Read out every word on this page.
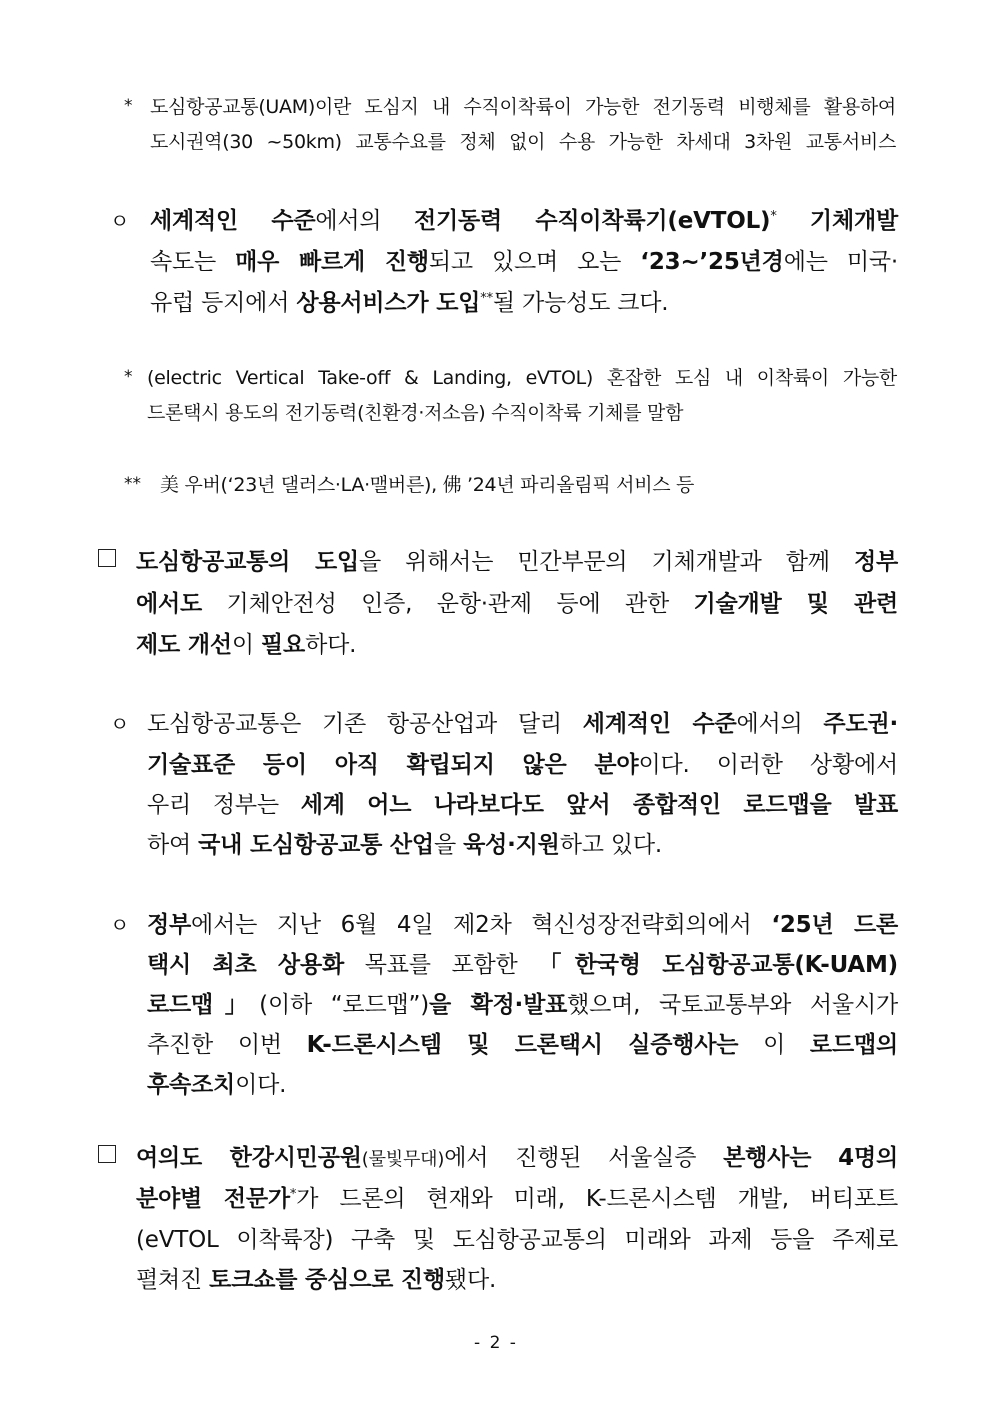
* 도심항공교통(UAM)이란 도심지 내 수직이착륙이 가능한 전기동력 비행체를 활용하여
도시권역(30 ~50km) 교통수요를 정체 없이 수용 가능한 차세대 3차원 교통서비스
ㅇ 세계적인 수준에서의 전기동력 수직이착륙기(eVTOL)* 기체개발
속도는 매우 빠르게 진행되고 있으며 오는 ‘23~’25년경에는 미국·
유럽 등지에서 상용서비스가 도입**될 가능성도 크다.
* (electric Vertical Take-off & Landing, eVTOL) 혼잡한 도심 내 이착륙이 가능한
드론택시 용도의 전기동력(친환경·저소음) 수직이착륙 기체를 말함
** 美 우버(‘23년 댈러스·LA·맬버른), 佛 ’24년 파리올림픽 서비스 등
도심항공교통의 도입을 위해서는 민간부문의 기체개발과 함께 정부
에서도 기체안전성 인증, 운항·관제 등에 관한 기술개발 및 관련
제도 개선이 필요하다.
ㅇ 도심항공교통은 기존 항공산업과 달리 세계적인 수준에서의 주도권·
기술표준 등이 아직 확립되지 않은 분야이다. 이러한 상황에서
우리 정부는 세계 어느 나라보다도 앞서 종합적인 로드맵을 발표
하여 국내 도심항공교통 산업을 육성·지원하고 있다.
ㅇ 정부에서는 지난 6월 4일 제2차 혁신성장전략회의에서 ‘25년 드론
택시 최초 상용화 목표를 포함한 「한국형 도심항공교통(K-UAM)
로드맵」(이하 “로드맵”)을 확정·발표했으며, 국토교통부와 서울시가
추진한 이번 K-드론시스템 및 드론택시 실증행사는 이 로드맵의
후속조치이다.
여의도 한강시민공원(물빛무대)에서 진행된 서울실증 본행사는 4명의
분야별 전문가*가 드론의 현재와 미래, K-드론시스템 개발, 버티포트
(eVTOL 이착륙장) 구축 및 도심항공교통의 미래와 과제 등을 주제로
펼쳐진 토크쇼를 중심으로 진행됐다.
- 2 -
